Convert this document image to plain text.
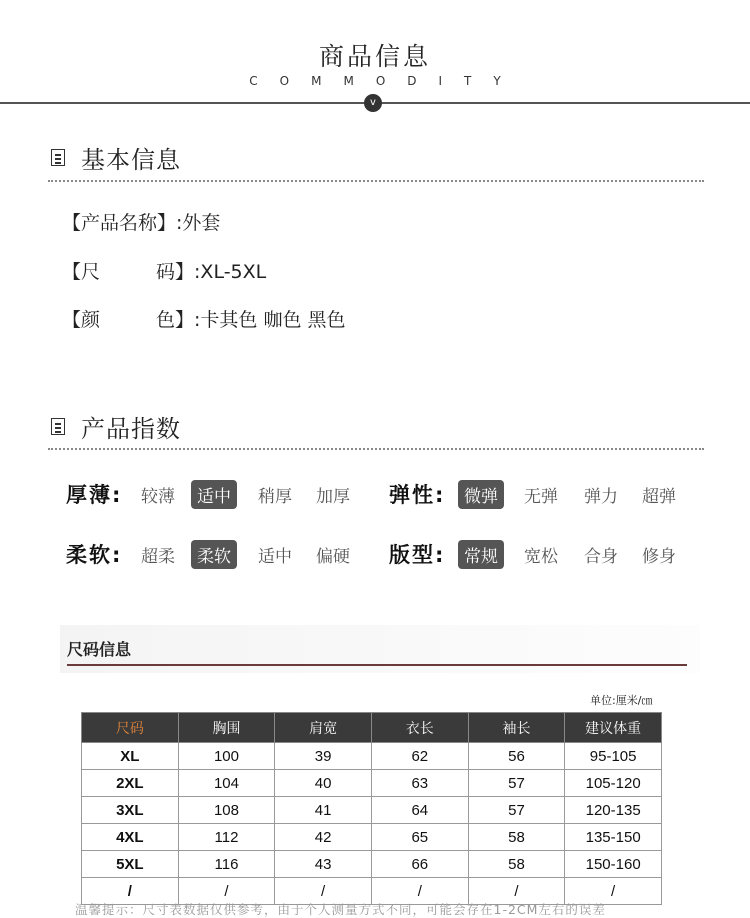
商品信息
COMMODITY
v
基本信息
【产品名称】:外套
【尺	码】:XL-5XL
【颜	色】:卡其色 咖色 黑色
产品指数
厚薄:	较薄	适中	稍厚	加厚 弹性:	微弹	无弹	弹力	超弹
柔软:	超柔	柔软	适中	偏硬 版型:	常规	宽松	合身	修身
尺码信息
单位:厘米/㎝
尺码	胸围	肩宽	衣长	袖长	建议体重
XL	100	39	62	56	95-105
2XL	104	40	63	57	105-120
3XL	108	41	64	57	120-135
4XL	112	42	65	58	135-150
5XL	116	43	66	58	150-160
/	/	/	/	/	/
温馨提示：尺寸表数据仅供参考，由于个人测量方式不同，可能会存在1-2CM左右的误差
